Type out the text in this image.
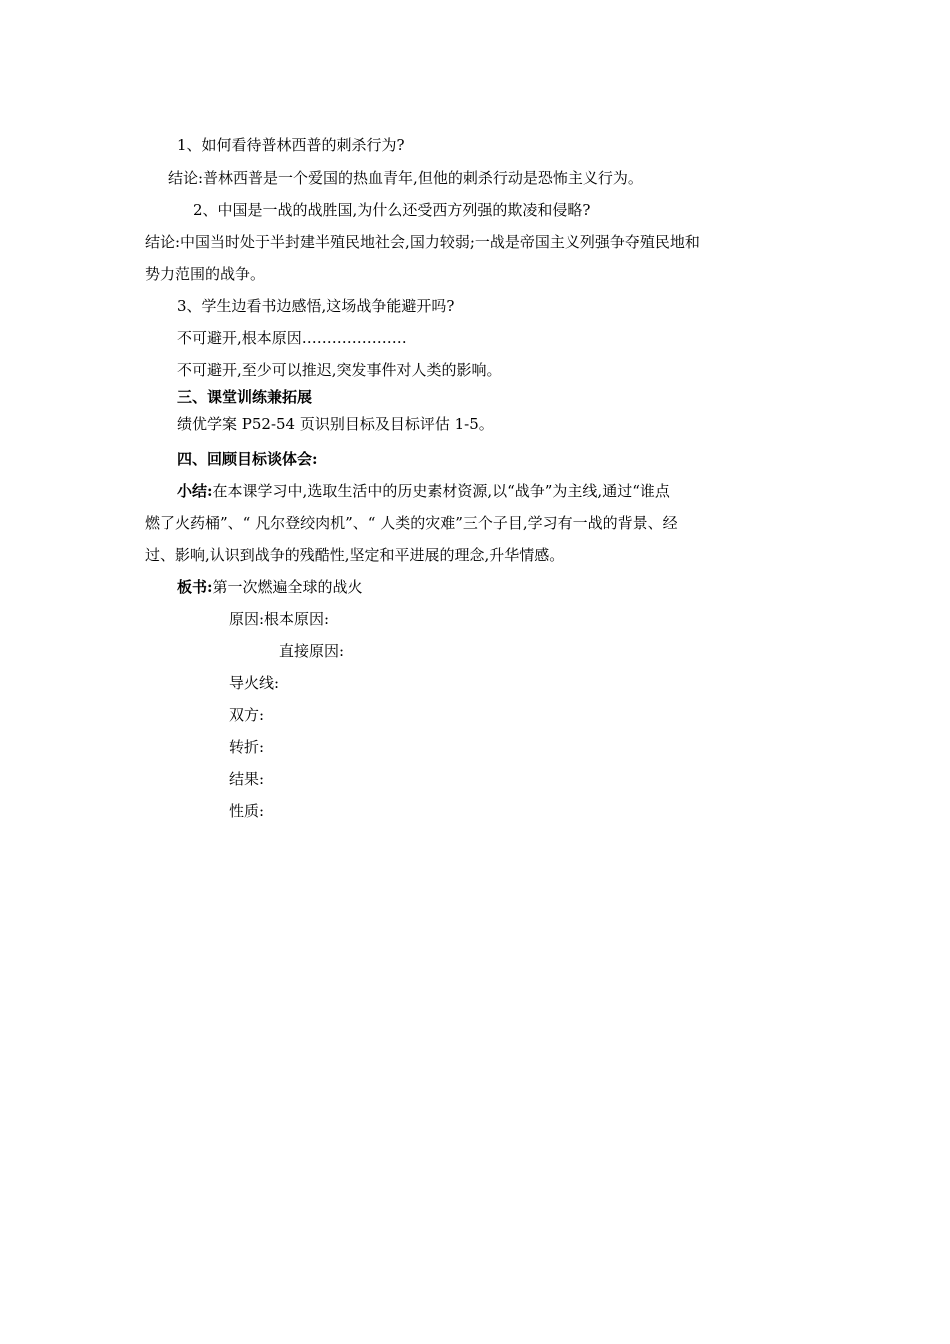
1、如何看待普林西普的刺杀行为?
结论:普林西普是一个爱国的热血青年,但他的刺杀行动是恐怖主义行为。
2、中国是一战的战胜国,为什么还受西方列强的欺凌和侵略?
结论:中国当时处于半封建半殖民地社会,国力较弱;一战是帝国主义列强争夺殖民地和
势力范围的战争。
3、学生边看书边感悟,这场战争能避开吗?
不可避开,根本原因…………………
不可避开,至少可以推迟,突发事件对人类的影响。
三、课堂训练兼拓展
绩优学案 P52-54 页识别目标及目标评估 1-5。
四、回顾目标谈体会:
小结:在本课学习中,选取生活中的历史素材资源,以“战争”为主线,通过“谁点
燃了火药桶”、“ 凡尔登绞肉机”、“ 人类的灾难”三个子目,学习有一战的背景、经
过、影响,认识到战争的残酷性,坚定和平进展的理念,升华情感。
板书:第一次燃遍全球的战火
原因:根本原因:
直接原因:
导火线:
双方:
转折:
结果:
性质:
